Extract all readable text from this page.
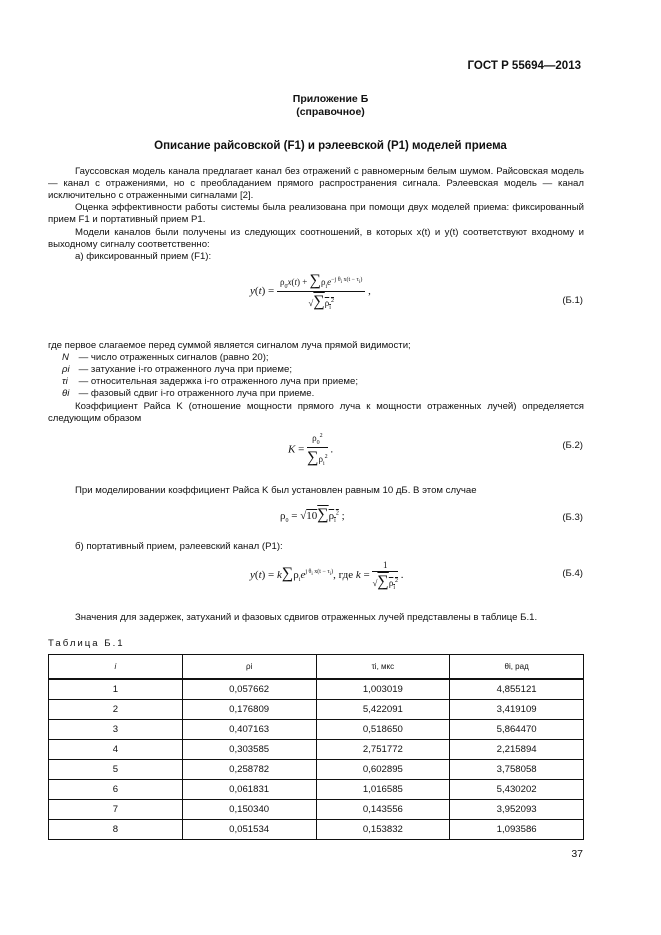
ГОСТ Р 55694—2013
Приложение Б
(справочное)
Описание райсовской (F1) и рэлеевской (Р1) моделей приема
Гауссовская модель канала предлагает канал без отражений с равномерным белым шумом. Райсовская модель — канал с отражениями, но с преобладанием прямого распространения сигнала. Рэлеевская модель — канал исключительно с отраженными сигналами [2].
Оценка эффективности работы системы была реализована при помощи двух моделей приема: фиксированный прием F1 и портативный прием Р1.
Модели каналов были получены из следующих соотношений, в которых x(t) и y(t) соответствуют входному и выходному сигналу соответственно:
а) фиксированный прием (F1):
$y(t) = \frac{\rho_0x(t) + \sum\rho_ie^{-j \theta_i x(t - \tau_i)}}{√\sum\rho_i^2}$ ,
(Б.1)
где первое слагаемое перед суммой является сигналом луча прямой видимости;
N — число отраженных сигналов (равно 20);
ρi — затухание i-го отраженного луча при приеме;
τi — относительная задержка i-го отраженного луча при приеме;
θi — фазовый сдвиг i-го отраженного луча при приеме.
Коэффициент Райса K (отношение мощности прямого луча к мощности отраженных лучей) определяется следующим образом
$K = \frac{\rho_0^2}{\sum\rho_i^2}$ .	(Б.2)
При моделировании коэффициент Райса K был установлен равным 10 дБ. В этом случае
$\rho_0 = √10\sum\rho_i^2$ ;	(Б.3)
б) портативный прием, рэлеевский канал (Р1):
$y(t) = k\sum\rho_ie^{j \theta_i x(t - \tau_i)}$, где $k = \frac{1}{√\sum\rho_i^2}$ .	(Б.4)
Значения для задержек, затуханий и фазовых сдвигов отраженных лучей представлены в таблице Б.1.
Таблица Б.1
i	ρi	τi, мкс	θi, рад
1	0,057662	1,003019	4,855121
2	0,176809	5,422091	3,419109
3	0,407163	0,518650	5,864470
4	0,303585	2,751772	2,215894
5	0,258782	0,602895	3,758058
6	0,061831	1,016585	5,430202
7	0,150340	0,143556	3,952093
8	0,051534	0,153832	1,093586
37
